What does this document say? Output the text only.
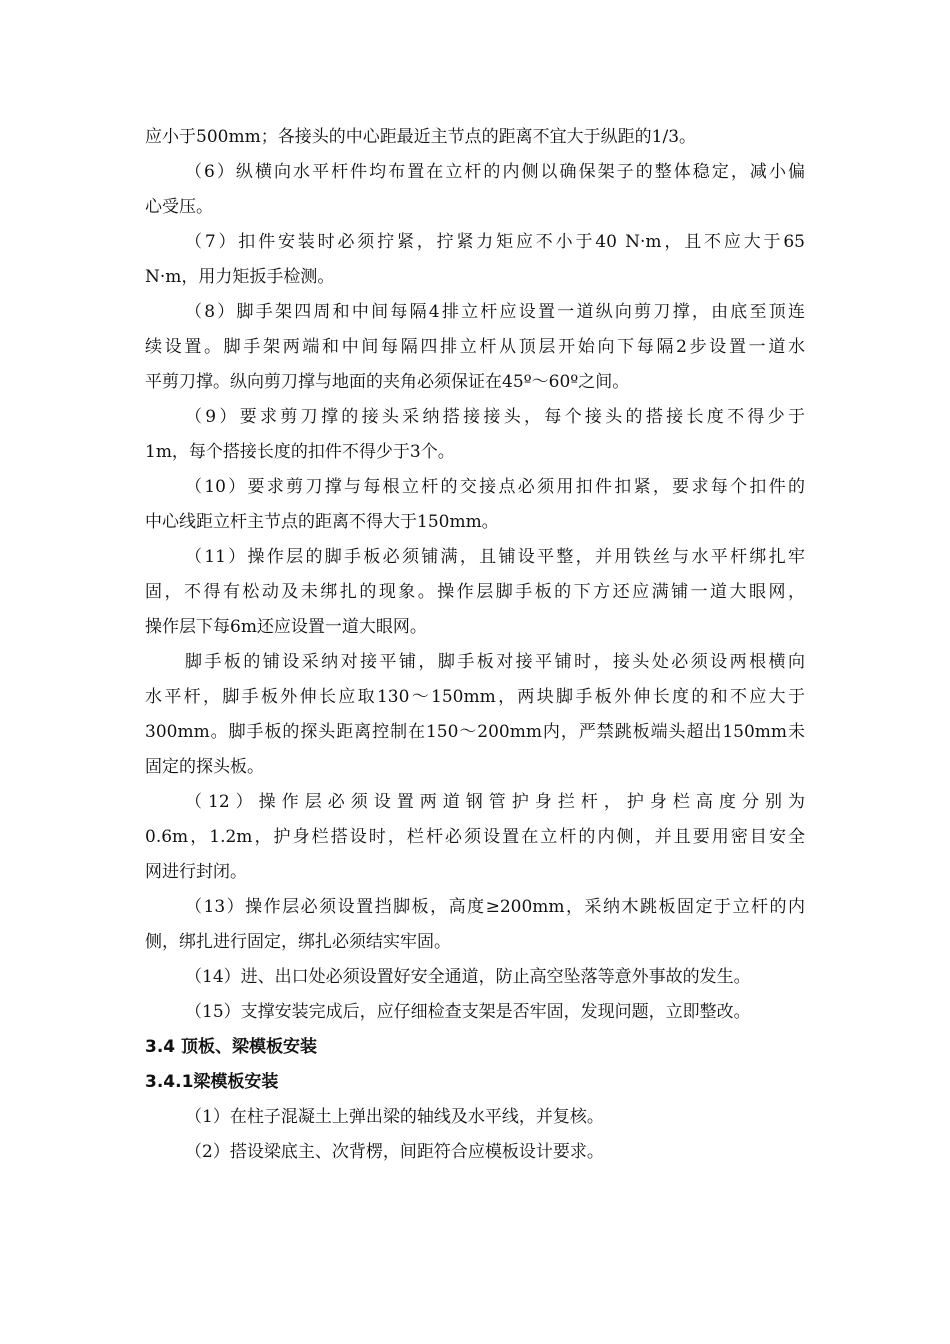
应小于500mm；各接头的中心距最近主节点的距离不宜大于纵距的1/3。
（6）纵横向水平杆件均布置在立杆的内侧以确保架子的整体稳定，减小偏
心受压。
（7）扣件安装时必须拧紧，拧紧力矩应不小于40 N·m，且不应大于65
N·m，用力矩扳手检测。
（8）脚手架四周和中间每隔4排立杆应设置一道纵向剪刀撑，由底至顶连
续设置。脚手架两端和中间每隔四排立杆从顶层开始向下每隔2步设置一道水
平剪刀撑。纵向剪刀撑与地面的夹角必须保证在45º～60º之间。
（9）要求剪刀撑的接头采纳搭接接头，每个接头的搭接长度不得少于
1m，每个搭接长度的扣件不得少于3个。
（10）要求剪刀撑与每根立杆的交接点必须用扣件扣紧，要求每个扣件的
中心线距立杆主节点的距离不得大于150mm。
（11）操作层的脚手板必须铺满，且铺设平整，并用铁丝与水平杆绑扎牢
固，不得有松动及未绑扎的现象。操作层脚手板的下方还应满铺一道大眼网，
操作层下每6m还应设置一道大眼网。
脚手板的铺设采纳对接平铺，脚手板对接平铺时，接头处必须设两根横向
水平杆，脚手板外伸长应取130～150mm，两块脚手板外伸长度的和不应大于
300mm。脚手板的探头距离控制在150～200mm内，严禁跳板端头超出150mm未
固定的探头板。
（12）操作层必须设置两道钢管护身拦杆，护身栏高度分别为
0.6m，1.2m，护身栏搭设时，栏杆必须设置在立杆的内侧，并且要用密目安全
网进行封闭。
（13）操作层必须设置挡脚板，高度≥200mm，采纳木跳板固定于立杆的内
侧，绑扎进行固定，绑扎必须结实牢固。
（14）进、出口处必须设置好安全通道，防止高空坠落等意外事故的发生。
（15）支撑安装完成后，应仔细检查支架是否牢固，发现问题，立即整改。
3.4 顶板、梁模板安装
3.4.1梁模板安装
（1）在柱子混凝土上弹出梁的轴线及水平线，并复核。
（2）搭设梁底主、次背楞，间距符合应模板设计要求。
